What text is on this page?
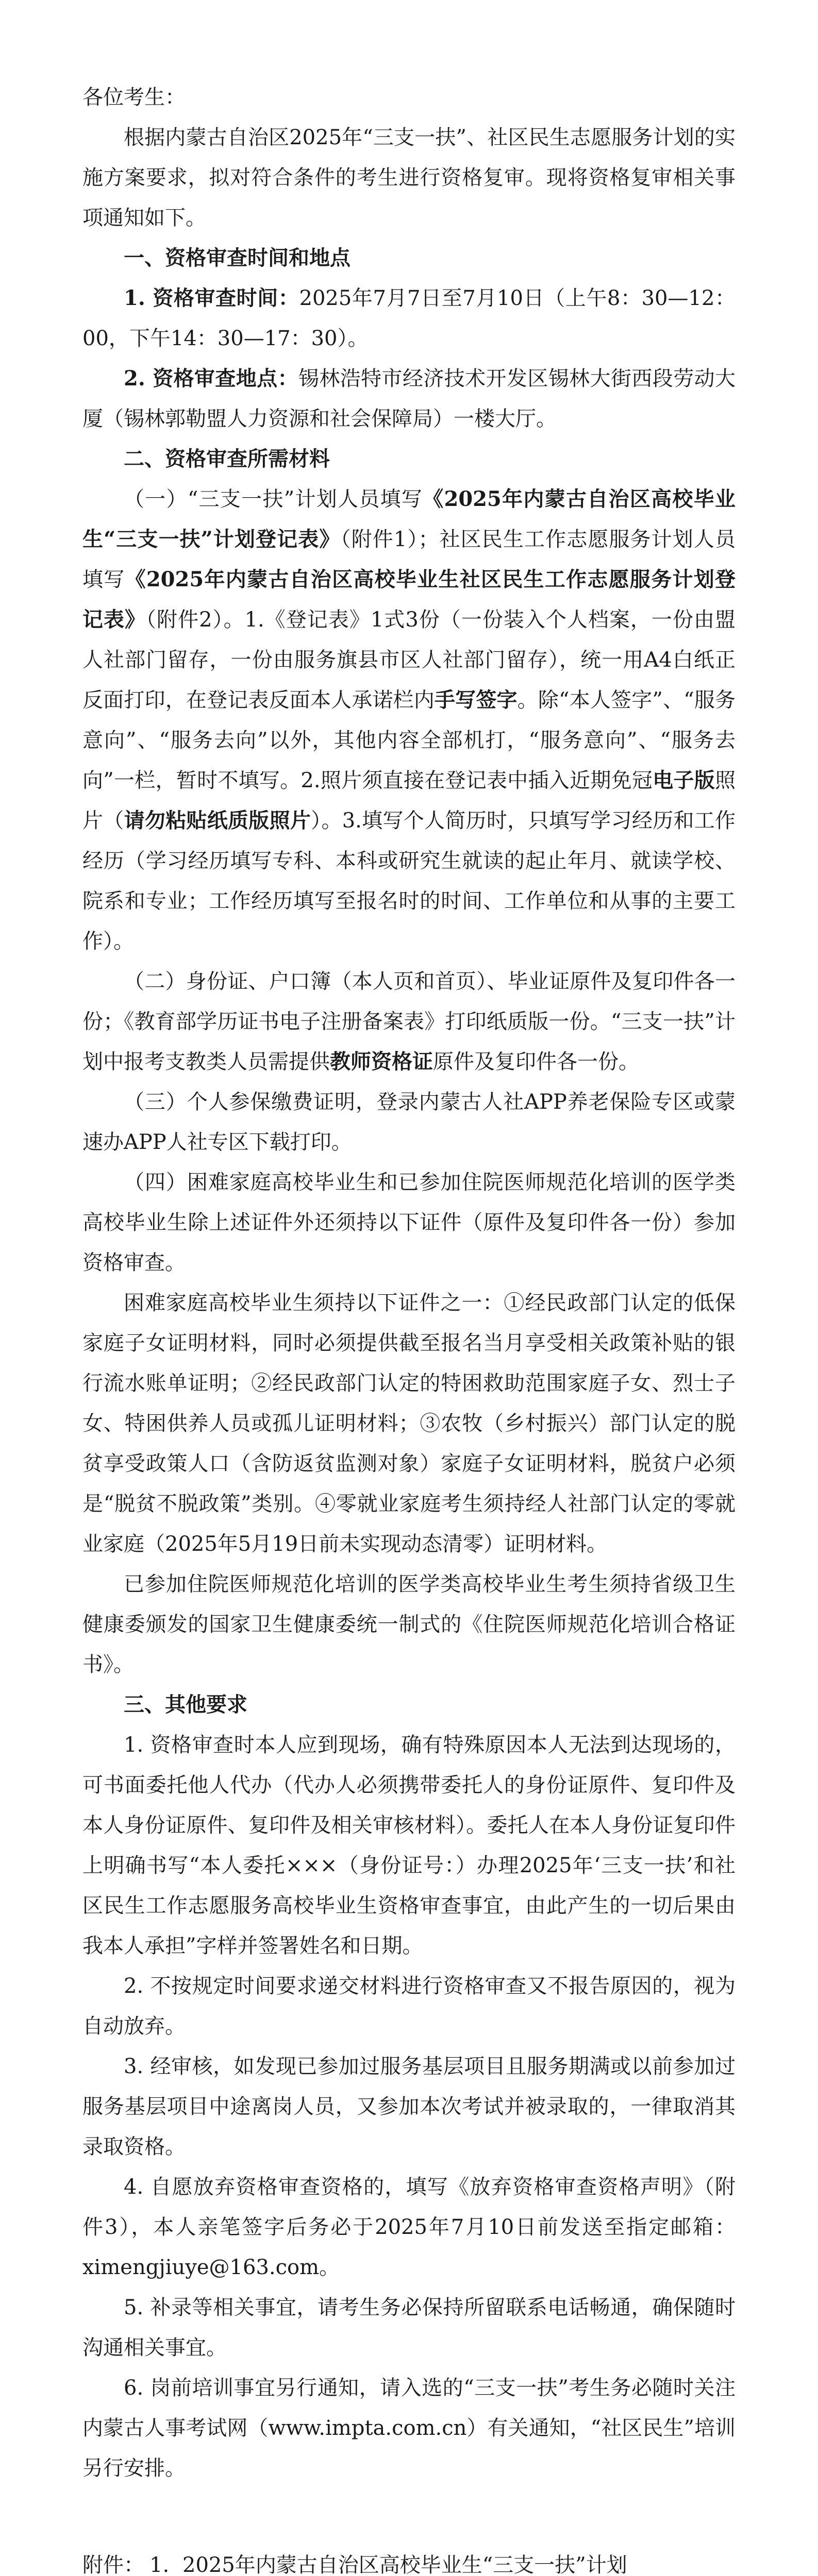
各位考生：

根据内蒙古自治区2025年“三支一扶”、社区民生志愿服务计划的实施方案要求，拟对符合条件的考生进行资格复审。现将资格复审相关事项通知如下。

一、资格审查时间和地点

1. 资格审查时间：2025年7月7日至7月10日（上午8：30—12：00，下午14：30—17：30）。

2. 资格审查地点：锡林浩特市经济技术开发区锡林大街西段劳动大厦（锡林郭勒盟人力资源和社会保障局）一楼大厅。

二、资格审查所需材料

（一）“三支一扶”计划人员填写《2025年内蒙古自治区高校毕业生“三支一扶”计划登记表》（附件1）；社区民生工作志愿服务计划人员填写《2025年内蒙古自治区高校毕业生社区民生工作志愿服务计划登记表》（附件2）。1.《登记表》1式3份（一份装入个人档案，一份由盟人社部门留存，一份由服务旗县市区人社部门留存），统一用A4白纸正反面打印，在登记表反面本人承诺栏内手写签字。除“本人签字”、“服务意向”、“服务去向”以外，其他内容全部机打，“服务意向”、“服务去向”一栏，暂时不填写。2.照片须直接在登记表中插入近期免冠电子版照片（请勿粘贴纸质版照片）。3.填写个人简历时，只填写学习经历和工作经历（学习经历填写专科、本科或研究生就读的起止年月、就读学校、院系和专业；工作经历填写至报名时的时间、工作单位和从事的主要工作）。

（二）身份证、户口簿（本人页和首页）、毕业证原件及复印件各一份；《教育部学历证书电子注册备案表》打印纸质版一份。“三支一扶”计划中报考支教类人员需提供教师资格证原件及复印件各一份。

（三）个人参保缴费证明，登录内蒙古人社APP养老保险专区或蒙速办APP人社专区下载打印。

（四）困难家庭高校毕业生和已参加住院医师规范化培训的医学类高校毕业生除上述证件外还须持以下证件（原件及复印件各一份）参加资格审查。

困难家庭高校毕业生须持以下证件之一：①经民政部门认定的低保家庭子女证明材料，同时必须提供截至报名当月享受相关政策补贴的银行流水账单证明；②经民政部门认定的特困救助范围家庭子女、烈士子女、特困供养人员或孤儿证明材料；③农牧（乡村振兴）部门认定的脱贫享受政策人口（含防返贫监测对象）家庭子女证明材料，脱贫户必须是“脱贫不脱政策”类别。④零就业家庭考生须持经人社部门认定的零就业家庭（2025年5月19日前未实现动态清零）证明材料。

已参加住院医师规范化培训的医学类高校毕业生考生须持省级卫生健康委颁发的国家卫生健康委统一制式的《住院医师规范化培训合格证书》。

三、其他要求

1. 资格审查时本人应到现场，确有特殊原因本人无法到达现场的，可书面委托他人代办（代办人必须携带委托人的身份证原件、复印件及本人身份证原件、复印件及相关审核材料）。委托人在本人身份证复印件上明确书写“本人委托×××（身份证号：）办理2025年‘三支一扶’和社区民生工作志愿服务高校毕业生资格审查事宜，由此产生的一切后果由我本人承担”字样并签署姓名和日期。

2. 不按规定时间要求递交材料进行资格审查又不报告原因的，视为自动放弃。

3. 经审核，如发现已参加过服务基层项目且服务期满或以前参加过服务基层项目中途离岗人员，又参加本次考试并被录取的，一律取消其录取资格。

4. 自愿放弃资格审查资格的，填写《放弃资格审查资格声明》（附件3），本人亲笔签字后务必于2025年7月10日前发送至指定邮箱：ximengjiuye@163.com。

5. 补录等相关事宜，请考生务必保持所留联系电话畅通，确保随时沟通相关事宜。

6. 岗前培训事宜另行通知，请入选的“三支一扶”考生务必随时关注内蒙古人事考试网（www.impta.com.cn）有关通知，“社区民生”培训另行安排。

附件： 1. 2025年内蒙古自治区高校毕业生“三支一扶”计划
